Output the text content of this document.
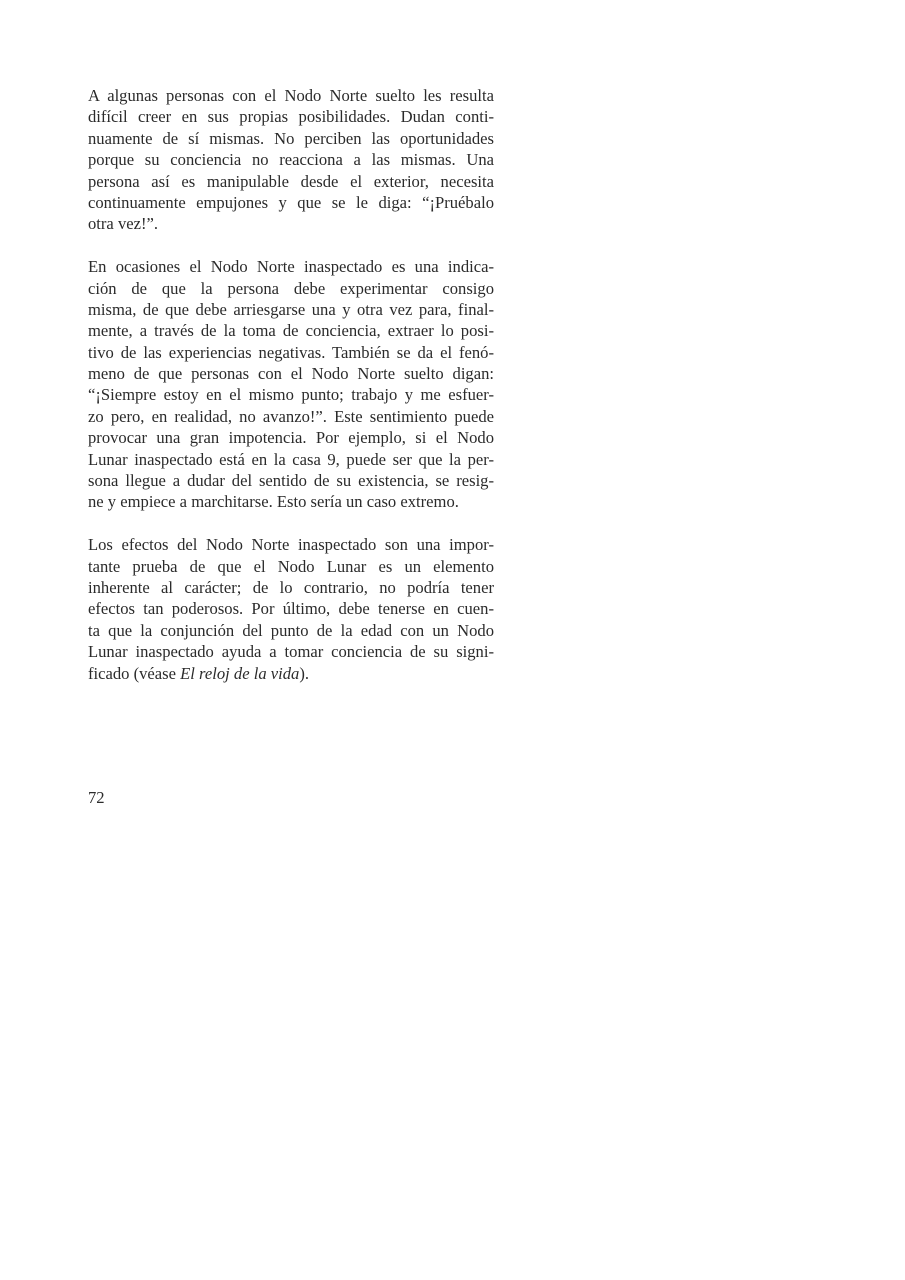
A algunas personas con el Nodo Norte suelto les resulta
difícil creer en sus propias posibilidades. Dudan conti-
nuamente de sí mismas. No perciben las oportunidades
porque su conciencia no reacciona a las mismas. Una
persona así es manipulable desde el exterior, necesita
continuamente empujones y que se le diga: “¡Pruébalo
otra vez!”.
En ocasiones el Nodo Norte inaspectado es una indica-
ción de que la persona debe experimentar consigo
misma, de que debe arriesgarse una y otra vez para, final-
mente, a través de la toma de conciencia, extraer lo posi-
tivo de las experiencias negativas. También se da el fenó-
meno de que personas con el Nodo Norte suelto digan:
“¡Siempre estoy en el mismo punto; trabajo y me esfuer-
zo pero, en realidad, no avanzo!”. Este sentimiento puede
provocar una gran impotencia. Por ejemplo, si el Nodo
Lunar inaspectado está en la casa 9, puede ser que la per-
sona llegue a dudar del sentido de su existencia, se resig-
ne y empiece a marchitarse. Esto sería un caso extremo.
Los efectos del Nodo Norte inaspectado son una impor-
tante prueba de que el Nodo Lunar es un elemento
inherente al carácter; de lo contrario, no podría tener
efectos tan poderosos. Por último, debe tenerse en cuen-
ta que la conjunción del punto de la edad con un Nodo
Lunar inaspectado ayuda a tomar conciencia de su signi-
ficado (véase El reloj de la vida).
72
